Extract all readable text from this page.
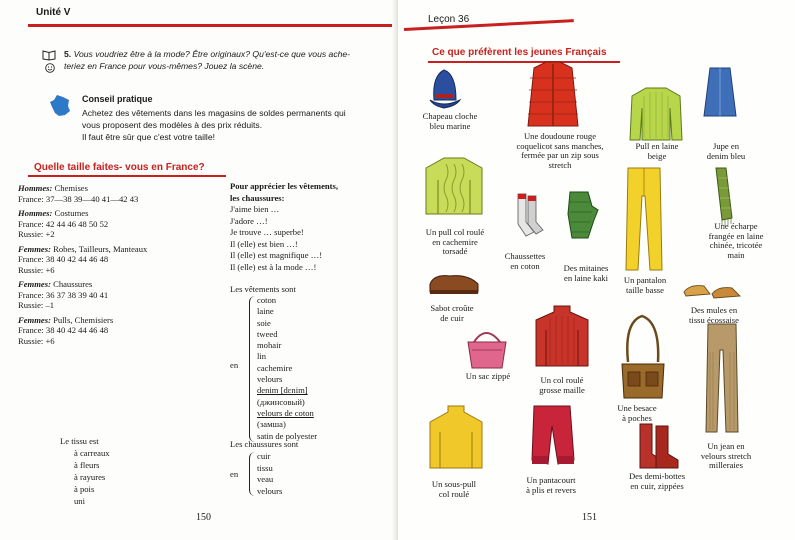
Unité V
5. Vous voudriez être à la mode? Être originaux? Qu'est-ce que vous ache-
teriez en France pour vous-mêmes? Jouez la scène.
Conseil pratique
Achetez des vêtements dans les magasins de soldes permanents qui
vous proposent des modèles à des prix réduits.
Il faut être sûr que c'est votre taille!
Quelle taille faites- vous en France?
Hommes: Chemises
France: 37—38 39—40 41—42 43
Hommes: Costumes
France: 42 44 46 48 50 52
Russie: +2
Femmes: Robes, Tailleurs, Manteaux
France: 38 40 42 44 46 48
Russie: +6
Femmes: Chaussures
France: 36 37 38 39 40 41
Russie: –1
Femmes: Pulls, Chemisiers
France: 38 40 42 44 46 48
Russie: +6
Pour apprécier les vêtements,
les chaussures:
J'aime bien …
J'adore …!
Je trouve … superbe!
Il (elle) est bien …!
Il (elle) est magnifique …!
Il (elle) est à la mode …!
Les vêtements sont
en
coton
laine
soie
tweed
mohair
lin
cachemire
velours
denim [dɛnim]
(джинсовый)
velours de coton
(замша)
satin de polyester
Les chaussures sont
en
cuir
tissu
veau
velours
Le tissu est
à carreaux
à fleurs
à rayures
à pois
uni
150
Leçon 36
Ce que préfèrent les jeunes Français
Chapeau cloche
bleu marine
Une doudoune rouge
coquelicot sans manches,
fermée par un zip sous
stretch
Pull en laine
beige
Jupe en
denim bleu
Un pull col roulé
en cachemire
torsadé	Chaussettes
en coton	Des mitaines
en laine kaki	Un pantalon
taille basse
Une écharpe
frangée en laine
chinée, tricotée
main
Sabot croûte
de cuir
Des mules en
tissu écossaise
Un sac zippé	Un col roulé
grosse maille
Une besace
à poches
Un jean en
velours stretch
milleraies
Un sous-pull
col roulé
Un pantacourt
à plis et revers
Des demi-bottes
en cuir, zippées
151
